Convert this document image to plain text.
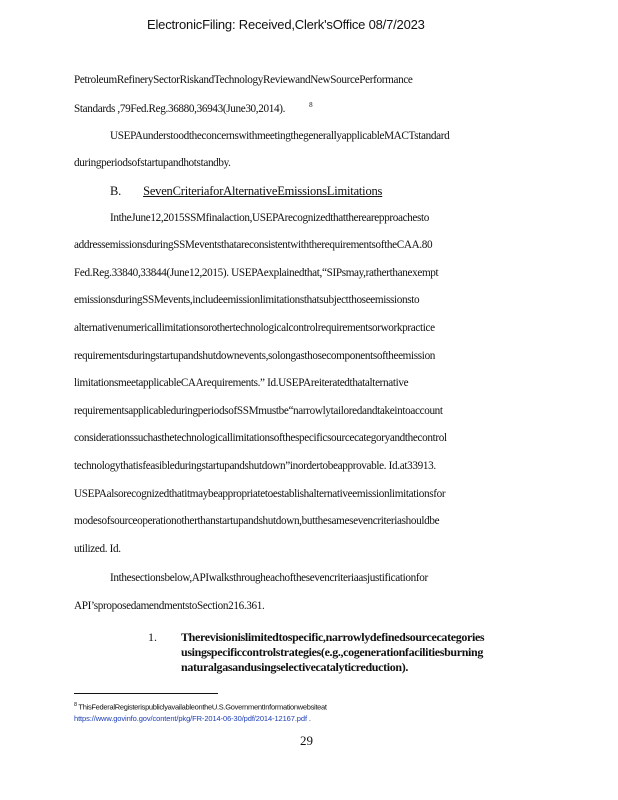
ElectronicFiling: Received,Clerk'sOffice 08/7/2023
PetroleumRefinerySectorRiskandTechnologyReviewandNewSourcePerformance
Standards ,79Fed.Reg.36880,36943(June30,2014).	$^8$
USEPAunderstoodtheconcernswithmeetingthegenerallyapplicableMACTstandard
duringperiodsofstartupandhotstandby.
B. SevenCriteriaforAlternativeEmissionsLimitations
IntheJune12,2015SSMfinalaction,USEPArecognizedthattherearepproachesto
addressemissionsduringSSMeventsthatareconsistentwiththerequirementsoftheCAA.80
Fed.Reg.33840,33844(June12,2015). USEPAexplainedthat,“SIPsmay,ratherthanexempt
emissionsduringSSMevents,includeemissionlimitationsthatsubjectthoseemissionsto
alternativenumericallimitationsorothertechnologicalcontrolrequirementsorworkpractice
requirementsduringstartupandshutdownevents,solongasthosecomponentsoftheemission
limitationsmeetapplicableCAArequirements.” Id.USEPAreiteratedthatalternative
requirementsapplicableduringperiodsofSSMmustbe“narrowlytailoredandtakeintoaccount
considerationssuchasthetechnologicallimitationsofthespecificsourcecategoryandthecontrol
technologythatisfeasibleduringstartupandshutdown”inordertobeapprovable. Id.at33913.
USEPAalsorecognizedthatitmaybeappropriatetoestablishalternativeemissionlimitationsfor
modesofsourceoperationotherthanstartupandshutdown,butthesamesevencriteriashouldbe
utilized. Id.
Inthesectionsbelow,APIwalksthrougheachofthesevencriteriaasjustificationfor
API’sproposedamendmentstoSection216.361.
1. Therevisionislimitedtospecific,narrowlydefinedsourcecategories usingspecificcontrolstrategies(e.g.,cogenerationfacilitiesburning naturalgasandusingselectivecatalyticreduction).
$^8$ ThisFederalRegisterispubliclyavailableontheU.S.GovernmentInformationwebsiteat
https://www.govinfo.gov/content/pkg/FR-2014-06-30/pdf/2014-12167.pdf .
29
